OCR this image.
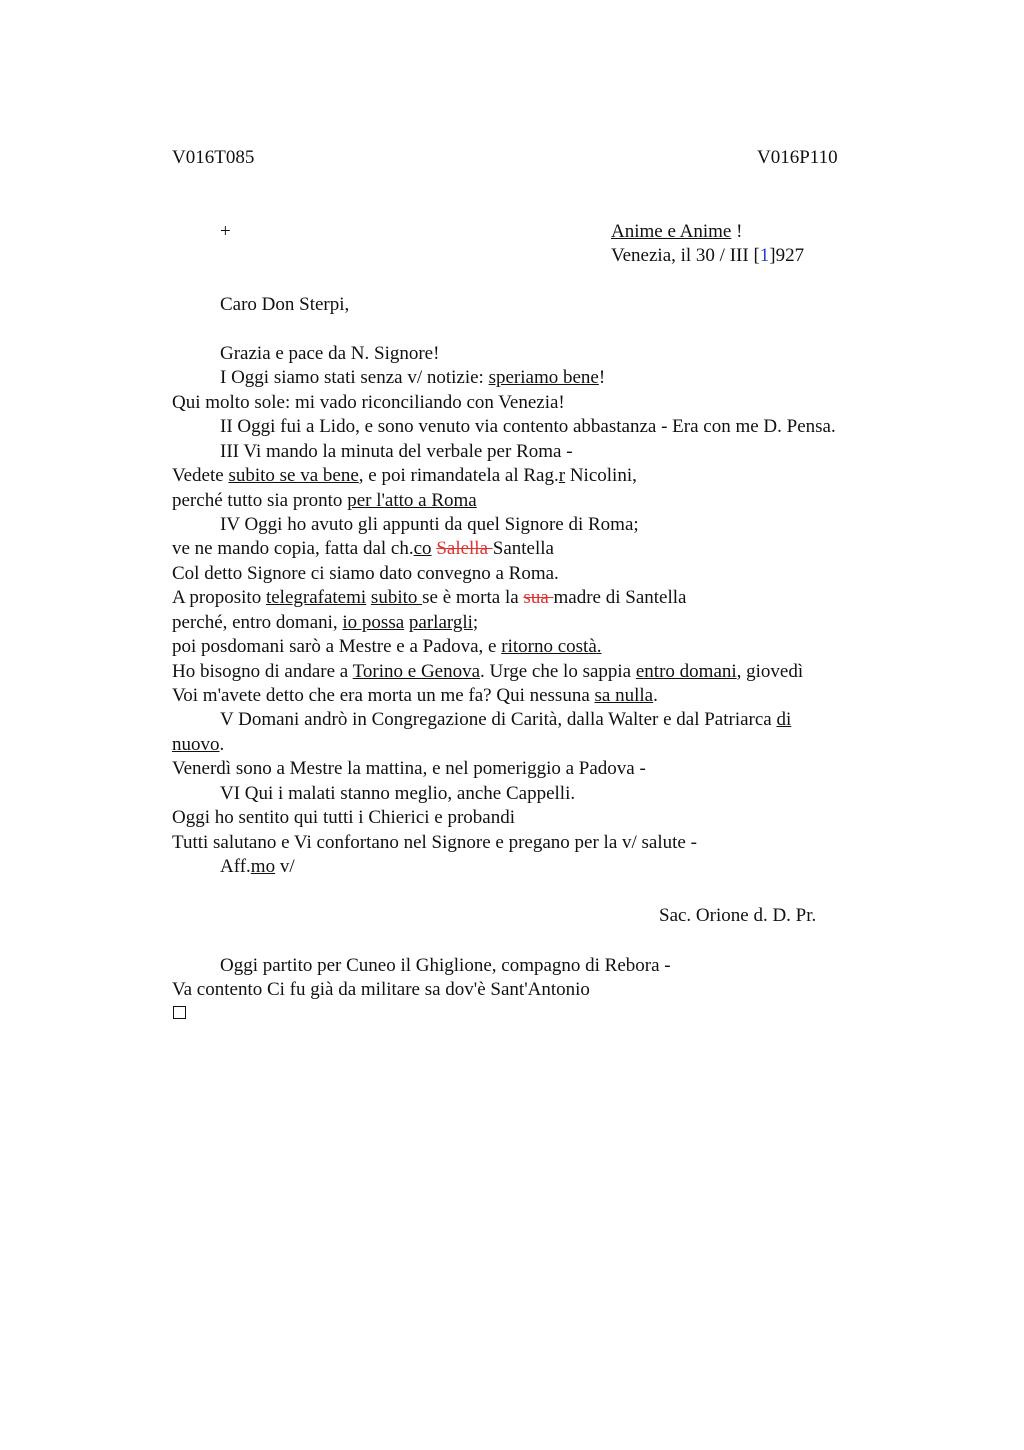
V016T085	V016P110
+	Anime e Anime !
Venezia, il 30 / III [1]927
Caro Don Sterpi,
Grazia e pace da N. Signore!
I Oggi siamo stati senza v/ notizie: speriamo bene!
Qui molto sole: mi vado riconciliando con Venezia!
II Oggi fui a Lido, e sono venuto via contento abbastanza - Era con me D. Pensa.
III Vi mando la minuta del verbale per Roma -
Vedete subito se va bene, e poi rimandatela al Rag.r Nicolini,
perché tutto sia pronto per l'atto a Roma
IV Oggi ho avuto gli appunti da quel Signore di Roma;
ve ne mando copia, fatta dal ch.co Salella Santella
Col detto Signore ci siamo dato convegno a Roma.
A proposito telegrafatemi subito se è morta la sua madre di Santella
perché, entro domani, io possa parlargli;
poi posdomani sarò a Mestre e a Padova, e ritorno costà.
Ho bisogno di andare a Torino e Genova. Urge che lo sappia entro domani, giovedì
Voi m'avete detto che era morta un me fa? Qui nessuna sa nulla.
V Domani andrò in Congregazione di Carità, dalla Walter e dal Patriarca di
nuovo.
Venerdì sono a Mestre la mattina, e nel pomeriggio a Padova -
VI Qui i malati stanno meglio, anche Cappelli.
Oggi ho sentito qui tutti i Chierici e probandi
Tutti salutano e Vi confortano nel Signore e pregano per la v/ salute -
Aff.mo v/
Sac. Orione d. D. Pr.
Oggi partito per Cuneo il Ghiglione, compagno di Rebora -
Va contento Ci fu già da militare sa dov'è Sant'Antonio
